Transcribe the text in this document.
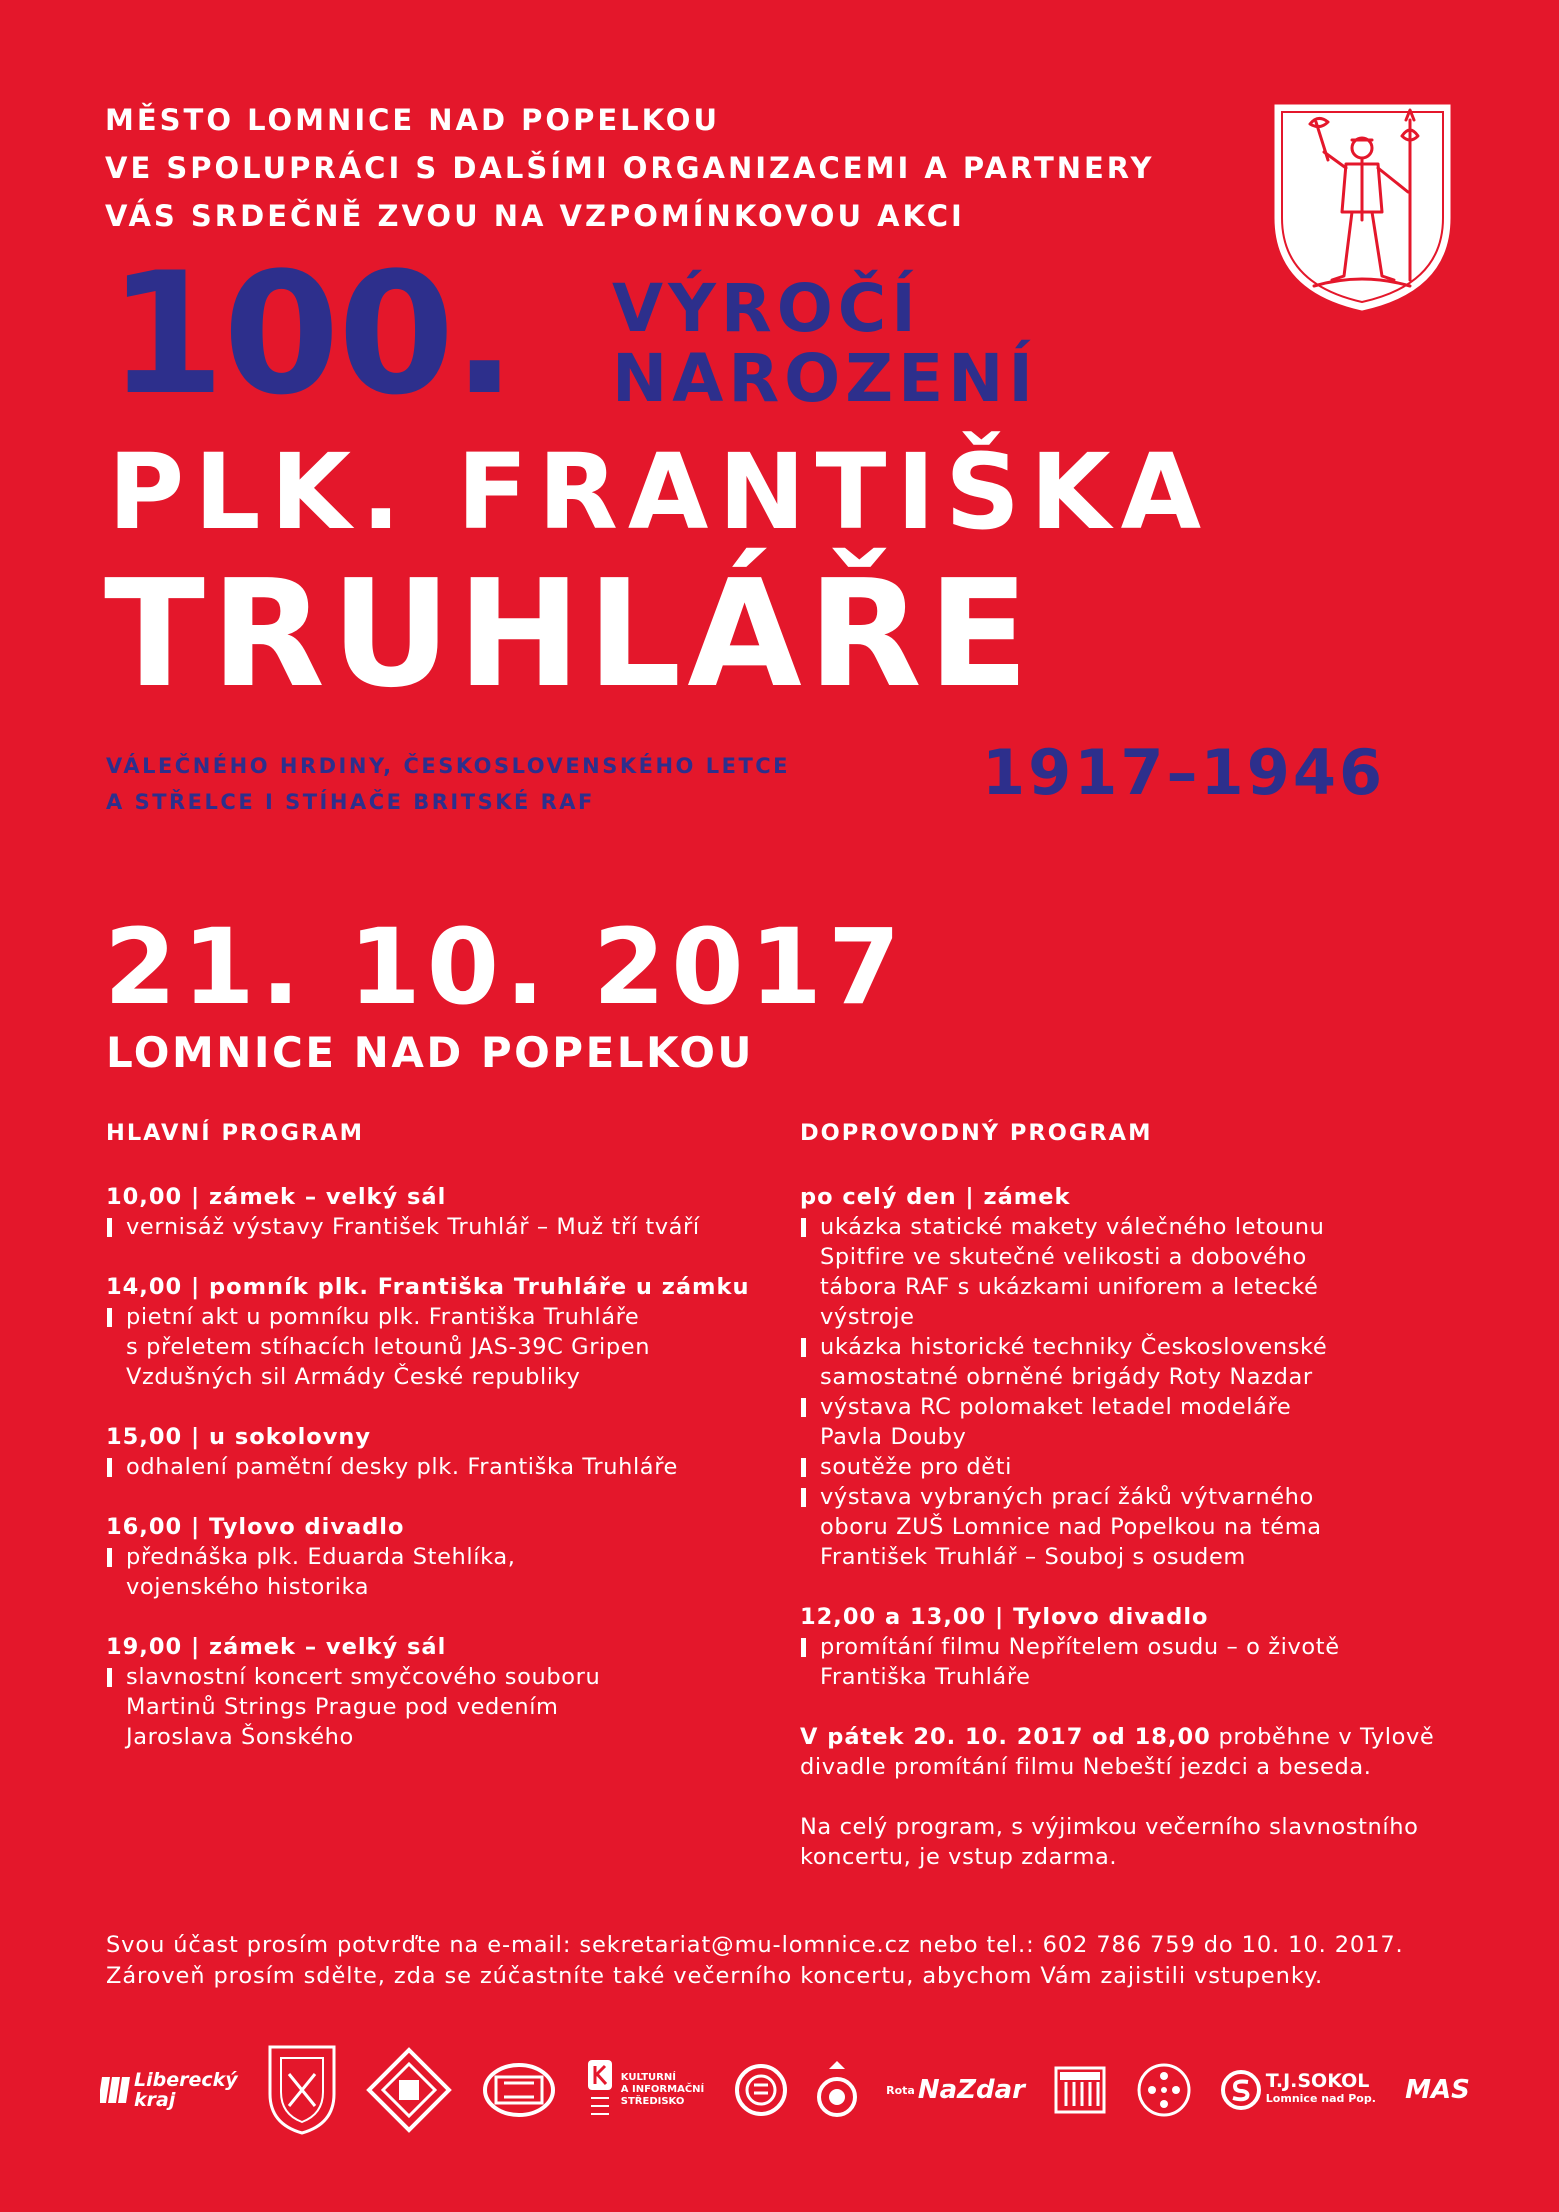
MĚSTO LOMNICE NAD POPELKOU
VE SPOLUPRÁCI S DALŠÍMI ORGANIZACEMI A PARTNERY
VÁS SRDEČNĚ ZVOU NA VZPOMÍNKOVOU AKCI
100. VÝROČÍ
NAROZENÍ
PLK. FRANTIŠKA
TRUHLÁŘE
VÁLEČNÉHO HRDINY, ČESKOSLOVENSKÉHO LETCE
A STŘELCE I STÍHAČE BRITSKÉ RAF	1917–1946
21. 10. 2017
LOMNICE NAD POPELKOU
HLAVNÍ PROGRAM
10,00 | zámek – velký sál
vernisáž výstavy František Truhlář – Muž tří tváří
14,00 | pomník plk. Františka Truhláře u zámku
pietní akt u pomníku plk. Františka Truhláře
s přeletem stíhacích letounů JAS-39C Gripen
Vzdušných sil Armády České republiky
15,00 | u sokolovny
odhalení pamětní desky plk. Františka Truhláře
16,00 | Tylovo divadlo
přednáška plk. Eduarda Stehlíka,
vojenského historika
19,00 | zámek – velký sál
slavnostní koncert smyčcového souboru
Martinů Strings Prague pod vedením
Jaroslava Šonského
DOPROVODNÝ PROGRAM
po celý den | zámek
ukázka statické makety válečného letounu
Spitfire ve skutečné velikosti a dobového
tábora RAF s ukázkami uniforem a letecké
výstroje
ukázka historické techniky Československé
samostatné obrněné brigády Roty Nazdar
výstava RC polomaket letadel modeláře
Pavla Douby
soutěže pro děti
výstava vybraných prací žáků výtvarného
oboru ZUŠ Lomnice nad Popelkou na téma
František Truhlář – Souboj s osudem
12,00 a 13,00 | Tylovo divadlo
promítání filmu Nepřítelem osudu – o životě
Františka Truhláře
V pátek 20. 10. 2017 od 18,00 proběhne v Tylově
divadle promítání filmu Nebeští jezdci a beseda.
Na celý program, s výjimkou večerního slavnostního
koncertu, je vstup zdarma.
Svou účast prosím potvrďte na e-mail: sekretariat@mu-lomnice.cz nebo tel.: 602 786 759 do 10. 10. 2017.
Zároveň prosím sdělte, zda se zúčastníte také večerního koncertu, abychom Vám zajistili vstupenky.
Liberecký
kraj
KULTURNÍ
A INFORMAČNÍ
STŘEDISKO
Rota NaZdar	T.J.SOKOL
Lomnice nad Pop. MAS
